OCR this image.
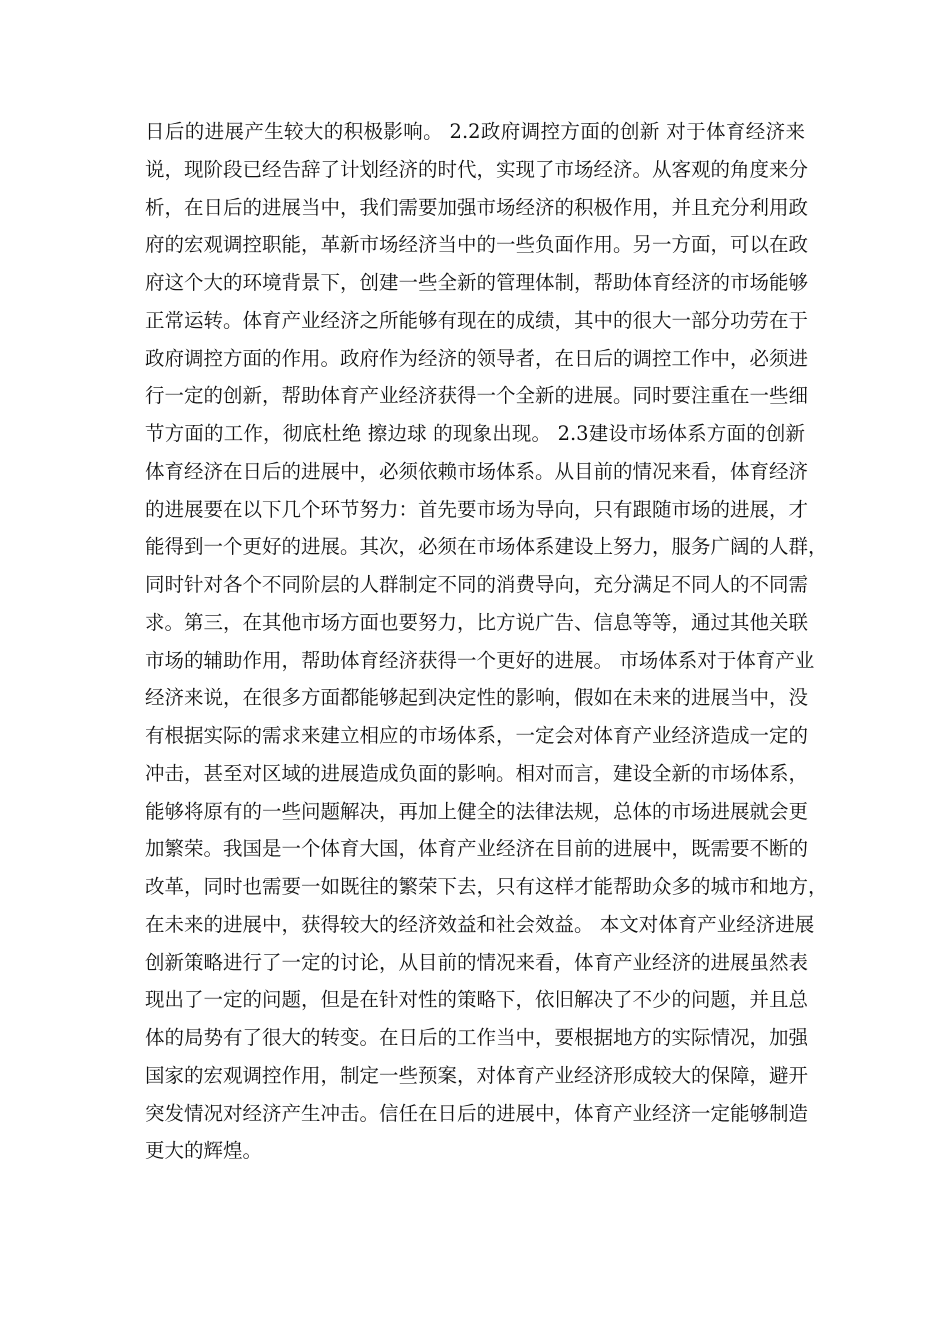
日后的进展产生较大的积极影响。 2.2政府调控方面的创新 对于体育经济来
说，现阶段已经告辞了计划经济的时代，实现了市场经济。从客观的角度来分
析，在日后的进展当中，我们需要加强市场经济的积极作用，并且充分利用政
府的宏观调控职能，革新市场经济当中的一些负面作用。另一方面，可以在政
府这个大的环境背景下，创建一些全新的管理体制，帮助体育经济的市场能够
正常运转。体育产业经济之所能够有现在的成绩，其中的很大一部分功劳在于
政府调控方面的作用。政府作为经济的领导者，在日后的调控工作中，必须进
行一定的创新，帮助体育产业经济获得一个全新的进展。同时要注重在一些细
节方面的工作，彻底杜绝 擦边球 的现象出现。 2.3建设市场体系方面的创新
体育经济在日后的进展中，必须依赖市场体系。从目前的情况来看，体育经济
的进展要在以下几个环节努力：首先要市场为导向，只有跟随市场的进展，才
能得到一个更好的进展。其次，必须在市场体系建设上努力，服务广阔的人群，
同时针对各个不同阶层的人群制定不同的消费导向，充分满足不同人的不同需
求。第三，在其他市场方面也要努力，比方说广告、信息等等，通过其他关联
市场的辅助作用，帮助体育经济获得一个更好的进展。 市场体系对于体育产业
经济来说，在很多方面都能够起到决定性的影响，假如在未来的进展当中，没
有根据实际的需求来建立相应的市场体系，一定会对体育产业经济造成一定的
冲击，甚至对区域的进展造成负面的影响。相对而言，建设全新的市场体系，
能够将原有的一些问题解决，再加上健全的法律法规，总体的市场进展就会更
加繁荣。我国是一个体育大国，体育产业经济在目前的进展中，既需要不断的
改革，同时也需要一如既往的繁荣下去，只有这样才能帮助众多的城市和地方，
在未来的进展中，获得较大的经济效益和社会效益。 本文对体育产业经济进展
创新策略进行了一定的讨论，从目前的情况来看，体育产业经济的进展虽然表
现出了一定的问题，但是在针对性的策略下，依旧解决了不少的问题，并且总
体的局势有了很大的转变。在日后的工作当中，要根据地方的实际情况，加强
国家的宏观调控作用，制定一些预案，对体育产业经济形成较大的保障，避开
突发情况对经济产生冲击。信任在日后的进展中，体育产业经济一定能够制造
更大的辉煌。
